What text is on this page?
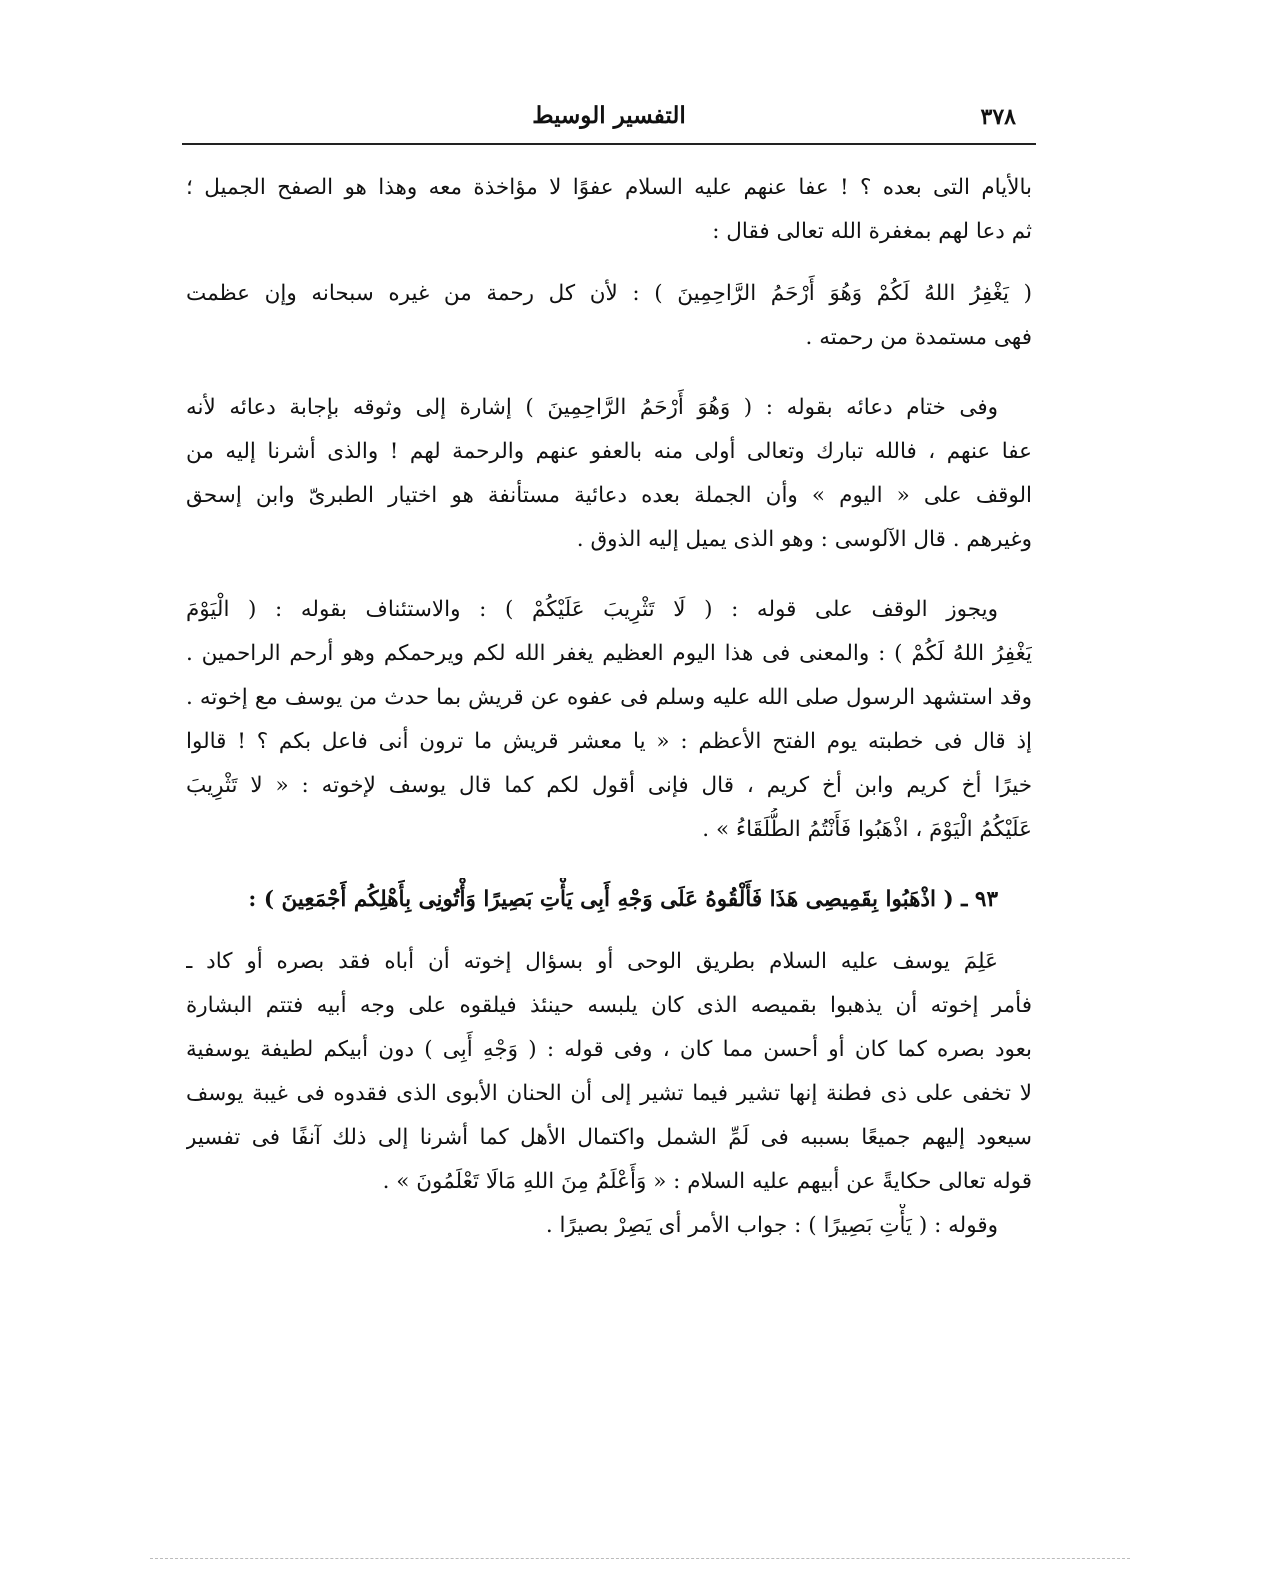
٣٧٨
التفسير الوسيط
بالأيام التى بعده ؟ ! عفا عنهم عليه السلام عفوًا لا مؤاخذة معه وهذا هو الصفح الجميل ؛
ثم دعا لهم بمغفرة الله تعالى فقال :
( يَغْفِرُ اللهُ لَكُمْ وَهُوَ أَرْحَمُ الرَّاحِمِينَ ) : لأن كل رحمة من غيره سبحانه وإن عظمت
فهى مستمدة من رحمته .
وفى ختام دعائه بقوله : ( وَهُوَ أَرْحَمُ الرَّاحِمِينَ ) إشارة إلى وثوقه بإجابة دعائه لأنه
عفا عنهم ، فالله تبارك وتعالى أولى منه بالعفو عنهم والرحمة لهم ! والذى أشرنا إليه من
الوقف على « اليوم » وأن الجملة بعده دعائية مستأنفة هو اختيار الطبرىّ وابن إسحق
وغيرهم . قال الآلوسى : وهو الذى يميل إليه الذوق .
ويجوز الوقف على قوله : ( لَا تَثْرِيبَ عَلَيْكُمْ ) : والاستئناف بقوله : ( الْيَوْمَ
يَغْفِرُ اللهُ لَكُمْ ) : والمعنى فى هذا اليوم العظيم يغفر الله لكم ويرحمكم وهو أرحم الراحمين .
وقد استشهد الرسول صلى الله عليه وسلم فى عفوه عن قريش بما حدث من يوسف مع إخوته .
إذ قال فى خطبته يوم الفتح الأعظم : « يا معشر قريش ما ترون أنى فاعل بكم ؟ ! قالوا
خيرًا أخ كريم وابن أخ كريم ، قال فإنى أقول لكم كما قال يوسف لإخوته : « لا تَثْرِيبَ
عَلَيْكُمُ الْيَوْمَ ، اذْهَبُوا فَأَنْتُمُ الطُّلَقَاءُ » .
٩٣ ـ ( اذْهَبُوا بِقَمِيصِى هَذَا فَأَلْقُوهُ عَلَى وَجْهِ أَبِى يَأْتِ بَصِيرًا وَأْتُونِى بِأَهْلِكُم أَجْمَعِينَ ) :
عَلِمَ يوسف عليه السلام بطريق الوحى أو بسؤال إخوته أن أباه فقد بصره أو كاد ـ
فأمر إخوته أن يذهبوا بقميصه الذى كان يلبسه حينئذ فيلقوه على وجه أبيه فتتم البشارة
بعود بصره كما كان أو أحسن مما كان ، وفى قوله : ( وَجْهِ أَبِى ) دون أبيكم لطيفة يوسفية
لا تخفى على ذى فطنة إنها تشير فيما تشير إلى أن الحنان الأبوى الذى فقدوه فى غيبة يوسف
سيعود إليهم جميعًا بسببه فى لَمِّ الشمل واكتمال الأهل كما أشرنا إلى ذلك آنفًا فى تفسير
قوله تعالى حكايةً عن أبيهم عليه السلام : « وَأَعْلَمُ مِنَ اللهِ مَالَا تَعْلَمُونَ » .
وقوله : ( يَأْتِ بَصِيرًا ) : جواب الأمر أى يَصِرْ بصيرًا .
